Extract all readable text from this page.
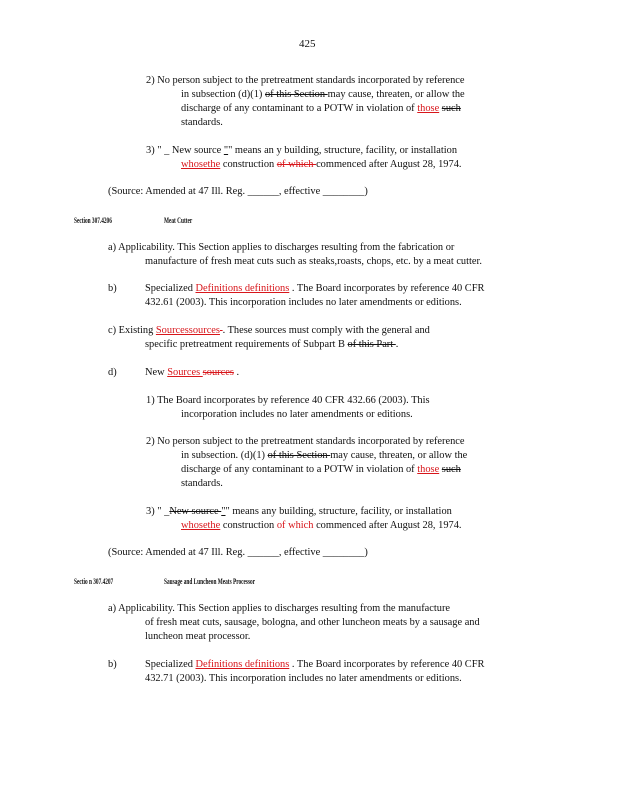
425
2) No person subject to the pretreatment standards incorporated by reference
in subsection (d)(1) of this Section may cause, threaten, or allow the
discharge of any contaminant to a POTW in violation of those such
standards.
3) " _ New source "" means an y building, structure, facility, or installation
whosethe construction of which commenced after August 28, 1974.
(Source: Amended at 47 Ill. Reg. ______, effective ________)
Section 307.4206	Meat Cutter
a) Applicability. This Section applies to discharges resulting from the fabrication or
manufacture of fresh meat cuts such as steaks,roasts, chops, etc. by a meat cutter.
b)	Specialized Definitions definitions . The Board incorporates by reference 40 CFR
432.61 (2003). This incorporation includes no later amendments or editions.
c) Existing Sourcessources . These sources must comply with the general and
specific pretreatment requirements of Subpart B of this Part .
d)	New Sources sources .
1) The Board incorporates by reference 40 CFR 432.66 (2003). This
incorporation includes no later amendments or editions.
2) No person subject to the pretreatment standards incorporated by reference
in subsection. (d)(1) of this Section may cause, threaten, or allow the
discharge of any contaminant to a POTW in violation of those such
standards.
3) " _New source "" means any building, structure, facility, or installation
whosethe construction of which commenced after August 28, 1974.
(Source: Amended at 47 Ill. Reg. ______, effective ________)
Sectio n 307.4207	Sausage and Luncheon Meats Processor
a) Applicability. This Section applies to discharges resulting from the manufacture
of fresh meat cuts, sausage, bologna, and other luncheon meats by a sausage and
luncheon meat processor.
b)	Specialized Definitions definitions . The Board incorporates by reference 40 CFR
432.71 (2003). This incorporation includes no later amendments or editions.
